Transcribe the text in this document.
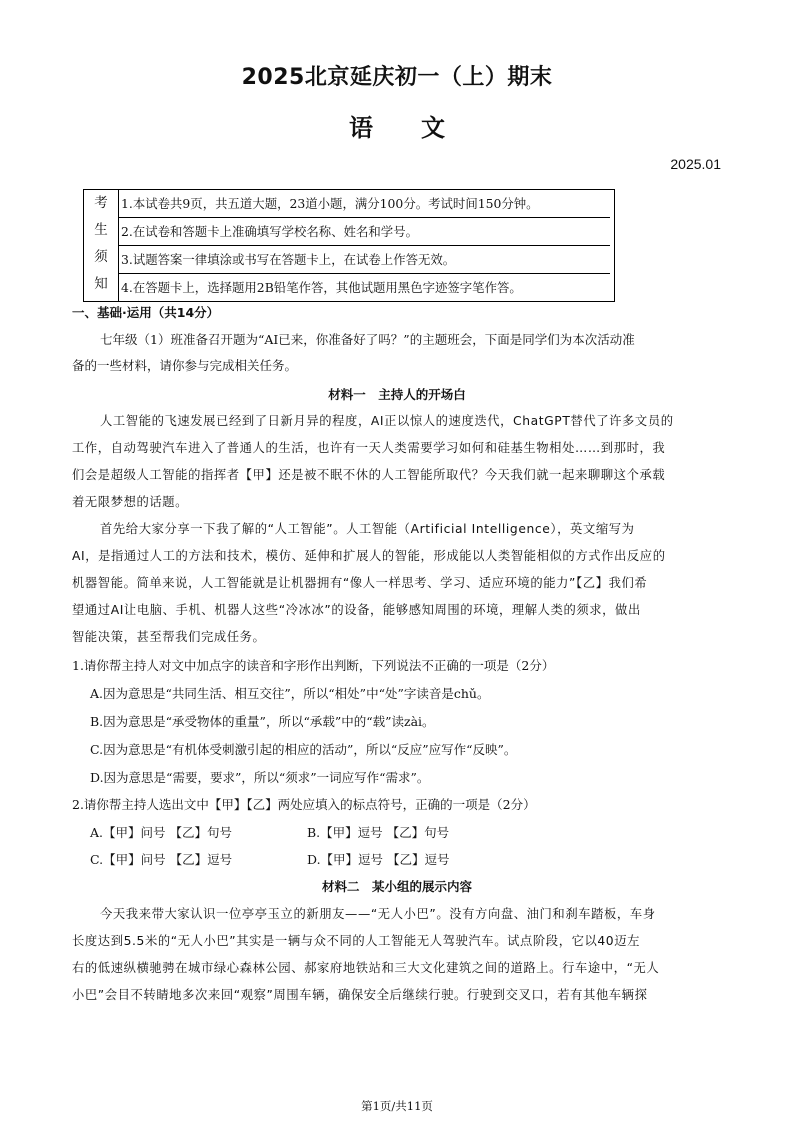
2025北京延庆初一（上）期末
语 文
2025.01
考
生
须
知

1.本试卷共9页，共五道大题，23道小题，满分100分。考试时间150分钟。
2.在试卷和答题卡上准确填写学校名称、姓名和学号。
3.试题答案一律填涂或书写在答题卡上，在试卷上作答无效。
4.在答题卡上，选择题用2B铅笔作答，其他试题用黑色字迹签字笔作答。
一、基础·运用（共14分）
七年级（1）班准备召开题为“AI已来，你准备好了吗？”的主题班会，下面是同学们为本次活动准
备的一些材料，请你参与完成相关任务。
材料一　主持人的开场白
人工智能的飞速发展已经到了日新月异的程度，AI正以惊人的速度迭代，ChatGPT替代了许多文员的
工作，自动驾驶汽车进入了普通人的生活，也许有一天人类需要学习如何和硅基生物相处……到那时，我
们会是超级人工智能的指挥者【甲】还是被不眠不休的人工智能所取代？今天我们就一起来聊聊这个承载
着无限梦想的话题。
首先给大家分享一下我了解的“人工智能”。人工智能（Artificial Intelligence），英文缩写为
AI，是指通过人工的方法和技术，模仿、延伸和扩展人的智能，形成能以人类智能相似的方式作出反应的
机器智能。简单来说，人工智能就是让机器拥有“像人一样思考、学习、适应环境的能力”【乙】我们希
望通过AI让电脑、手机、机器人这些“冷冰冰”的设备，能够感知周围的环境，理解人类的须求，做出
智能决策，甚至帮我们完成任务。
1.请你帮主持人对文中加点字的读音和字形作出判断，下列说法不正确的一项是（2分）
A.因为意思是“共同生活、相互交往”，所以“相处”中“处”字读音是chǔ。
B.因为意思是“承受物体的重量”，所以“承载”中的“载”读zài。
C.因为意思是“有机体受刺激引起的相应的活动”，所以“反应”应写作“反映”。
D.因为意思是“需要，要求”，所以“须求”一词应写作“需求”。
2.请你帮主持人选出文中【甲】【乙】两处应填入的标点符号，正确的一项是（2分）
A.【甲】问号 【乙】句号	B.【甲】逗号 【乙】句号
C.【甲】问号 【乙】逗号	D.【甲】逗号 【乙】逗号
材料二　某小组的展示内容
今天我来带大家认识一位亭亭玉立的新朋友——“无人小巴”。没有方向盘、油门和刹车踏板，车身
长度达到5.5米的“无人小巴”其实是一辆与众不同的人工智能无人驾驶汽车。试点阶段，它以40迈左
右的低速纵横驰骋在城市绿心森林公园、郝家府地铁站和三大文化建筑之间的道路上。行车途中，“无人
小巴”会目不转睛地多次来回“观察”周围车辆，确保安全后继续行驶。行驶到交叉口，若有其他车辆探
第1页/共11页
